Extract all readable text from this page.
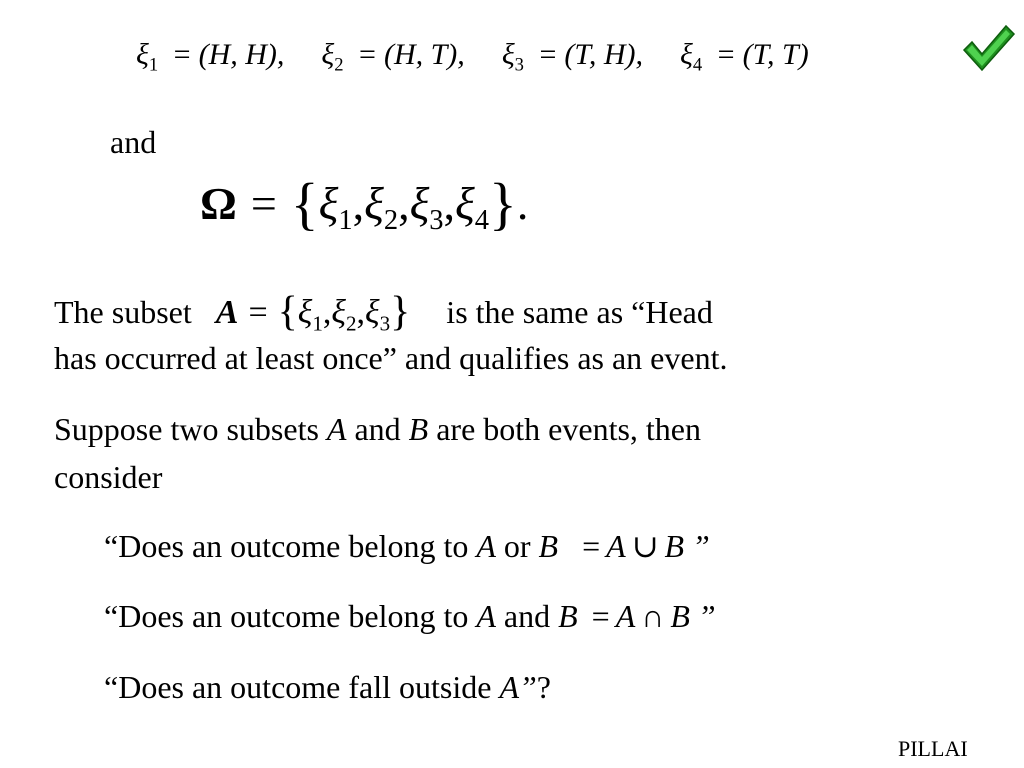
$\xi_1 = (H$, H), $\xi_2 = (H$, T), $\xi_3 = (T$, H), $\xi_4 = (T$, T)
and
$\Omega = \{\xi_1,\xi_2,\xi_3,\xi_4\}$.
The subset $A = \{\xi_1,\xi_2,\xi_3\}$ is the same as “Head
has occurred at least once” and qualifies as an event.
Suppose two subsets A and B are both events, then
consider
“Does an outcome belong to A or B = A ∪ B ”
“Does an outcome belong to A and B = A ∩ B ”
“Does an outcome fall outside A”?
PILLAI
